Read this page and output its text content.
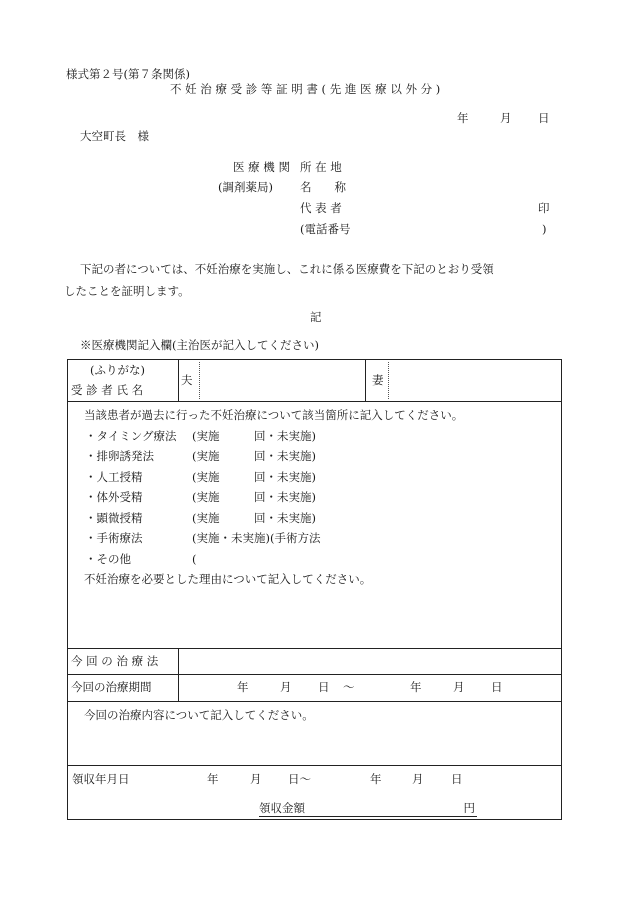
様式第２号(第７条関係)
不 妊 治 療 受 診 等 証 明 書 ( 先 進 医 療 以 外 分 )
年	月 日
大空町長　様
医 療 機 関 所 在 地
(調剤薬局) 名　　称
代 表 者	印
(電話番号	)
下記の者については、不妊治療を実施し、これに係る医療費を下記のとおり受領
したことを証明します。
記
※医療機関記入欄(主治医が記入してください)
(ふりがな)
受 診 者 氏 名
夫	妻
当該患者が過去に行った不妊治療について該当箇所に記入してください。
・タイミング療法 (実施　　　回・未実施)
・排卵誘発法	(実施　　　回・未実施)
・人工授精	(実施　　　回・未実施)
・体外受精	(実施　　　回・未実施)
・顕微授精	(実施　　　回・未実施)
・手術療法	(実施・未実施)(手術方法
・その他	(
不妊治療を必要とした理由について記入してください。
今 回 の 治 療 法
今回の治療期間	年	月 日 〜	年	月 日
今回の治療内容について記入してください。
領収年月日	年	月 日〜	年	月 日
領収金額	円
